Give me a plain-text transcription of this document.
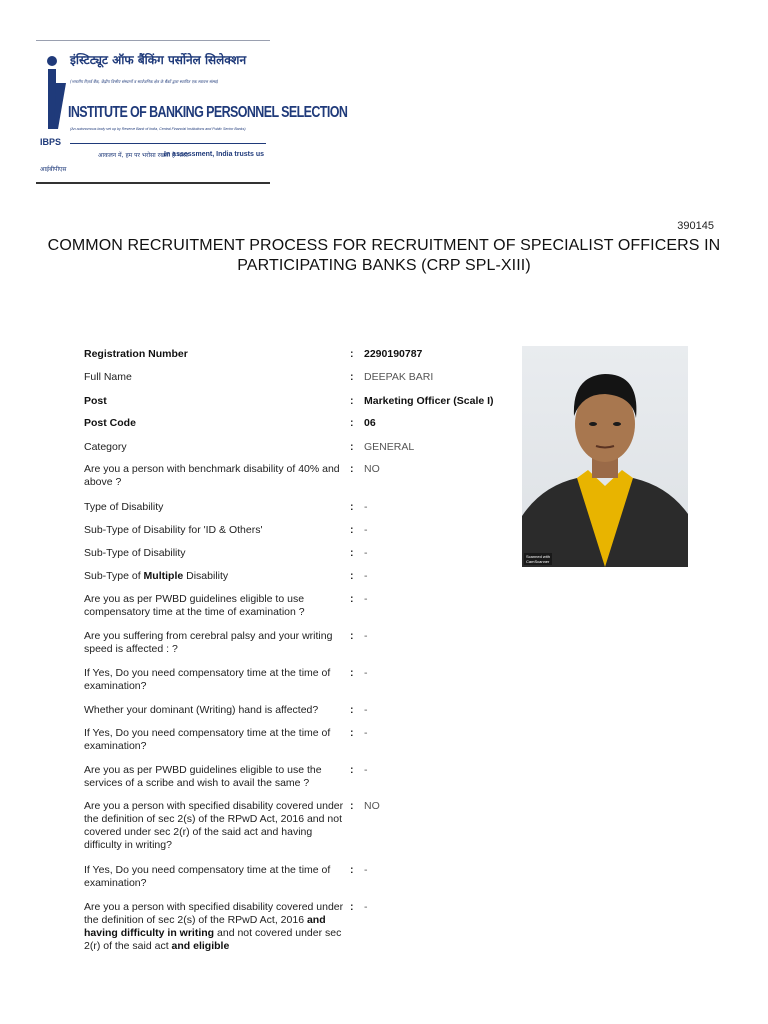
इंस्टिट्यूट ऑफ बैंकिंग पर्सोनेल सिलेक्शन
(भारतीय रिज़र्व बैंक, केंद्रीय वित्तीय संस्थानों व सार्वजनिक क्षेत्र के बैंकों द्वारा स्थापित एक स्वायत्त संस्था)
INSTITUTE OF BANKING PERSONNEL SELECTION
(An autonomous body set up by Reserve Bank of India, Central Financial Institutions and Public Sector Banks)
IBPS
आईबीपीएस
आकलन में, हम पर भरोसा रखता है भारत
In assessment, India trusts us
390145
COMMON RECRUITMENT PROCESS FOR RECRUITMENT OF SPECIALIST OFFICERS IN PARTICIPATING BANKS (CRP SPL-XIII)
Registration Number	:	2290190787
Full Name	:	DEEPAK BARI
Post	:	Marketing Officer (Scale I)
Post Code	:	06
Category	:	GENERAL
Are you a person with benchmark disability of 40% and above ?
:	NO
Type of Disability	:	-
Sub-Type of Disability for 'ID & Others'	:	-
Sub-Type of Disability	:	-
Sub-Type of Multiple Disability	:	-
Are you as per PWBD guidelines eligible to use compensatory time at the time of examination ?
:	-
Are you suffering from cerebral palsy and your writing speed is affected : ?
:	-
If Yes, Do you need compensatory time at the time of examination?
:	-
Whether your dominant (Writing) hand is affected?	:	-
If Yes, Do you need compensatory time at the time of examination?
:	-
Are you as per PWBD guidelines eligible to use the services of a scribe and wish to avail the same ?
:	-
Are you a person with specified disability covered under the definition of sec 2(s) of the RPwD Act, 2016 and not covered under sec 2(r) of the said act and having difficulty in writing?
:	NO
If Yes, Do you need compensatory time at the time of examination?
:	-
Are you a person with specified disability covered under the definition of sec 2(s) of the RPwD Act, 2016 and having difficulty in writing and not covered under sec 2(r) of the said act and eligible
:	-
Scanned with
CamScanner
